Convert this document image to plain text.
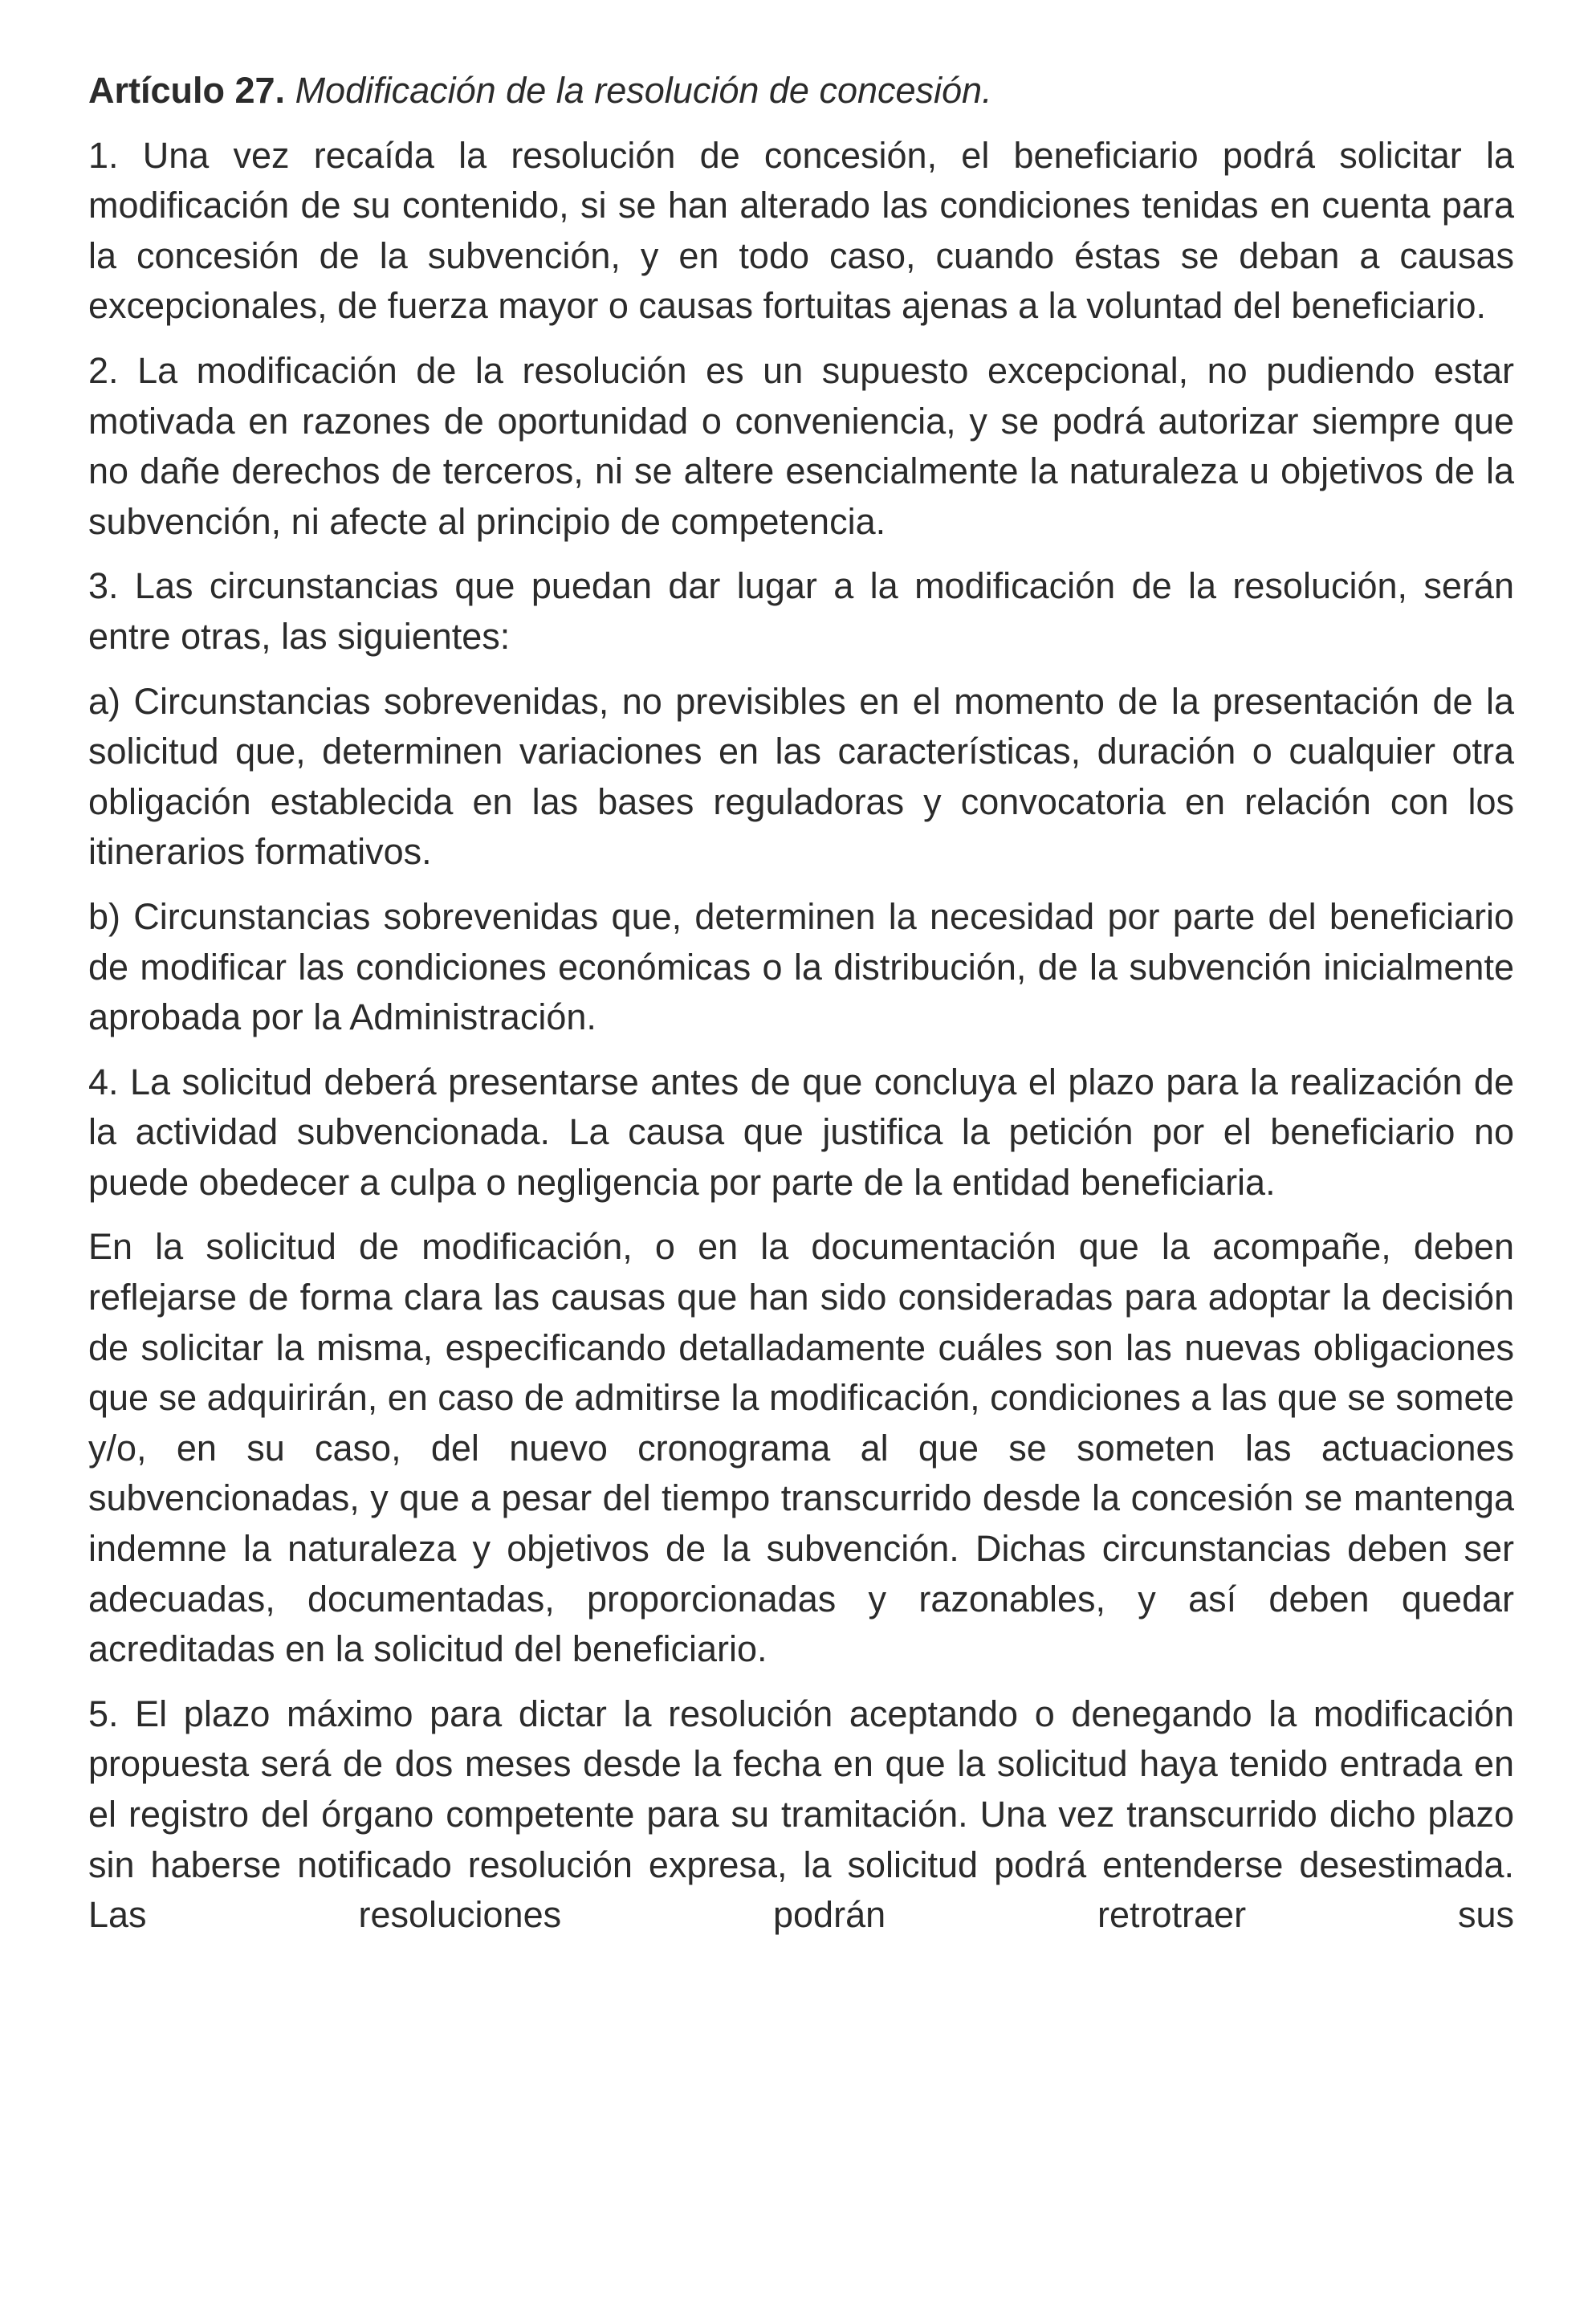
Artículo 27. Modificación de la resolución de concesión.

1. Una vez recaída la resolución de concesión, el beneficiario podrá solicitar la modificación de su contenido, si se han alterado las condiciones tenidas en cuenta para la concesión de la subvención, y en todo caso, cuando éstas se deban a causas excepcionales, de fuerza mayor o causas fortuitas ajenas a la voluntad del beneficiario.

2. La modificación de la resolución es un supuesto excepcional, no pudiendo estar motivada en razones de oportunidad o conveniencia, y se podrá autorizar siempre que no dañe derechos de terceros, ni se altere esencialmente la naturaleza u objetivos de la subvención, ni afecte al principio de competencia.

3. Las circunstancias que puedan dar lugar a la modificación de la resolución, serán entre otras, las siguientes:

a) Circunstancias sobrevenidas, no previsibles en el momento de la presentación de la solicitud que, determinen variaciones en las características, duración o cualquier otra obligación establecida en las bases reguladoras y convocatoria en relación con los itinerarios formativos.

b) Circunstancias sobrevenidas que, determinen la necesidad por parte del beneficiario de modificar las condiciones económicas o la distribución, de la subvención inicialmente aprobada por la Administración.

4. La solicitud deberá presentarse antes de que concluya el plazo para la realización de la actividad subvencionada. La causa que justifica la petición por el beneficiario no puede obedecer a culpa o negligencia por parte de la entidad beneficiaria.

En la solicitud de modificación, o en la documentación que la acompañe, deben reflejarse de forma clara las causas que han sido consideradas para adoptar la decisión de solicitar la misma, especificando detalladamente cuáles son las nuevas obligaciones que se adquirirán, en caso de admitirse la modificación, condiciones a las que se somete y/o, en su caso, del nuevo cronograma al que se someten las actuaciones subvencionadas, y que a pesar del tiempo transcurrido desde la concesión se mantenga indemne la naturaleza y objetivos de la subvención. Dichas circunstancias deben ser adecuadas, documentadas, proporcionadas y razonables, y así deben quedar acreditadas en la solicitud del beneficiario.

5. El plazo máximo para dictar la resolución aceptando o denegando la modificación propuesta será de dos meses desde la fecha en que la solicitud haya tenido entrada en el registro del órgano competente para su tramitación. Una vez transcurrido dicho plazo sin haberse notificado resolución expresa, la solicitud podrá entenderse desestimada. Las resoluciones podrán retrotraer sus
